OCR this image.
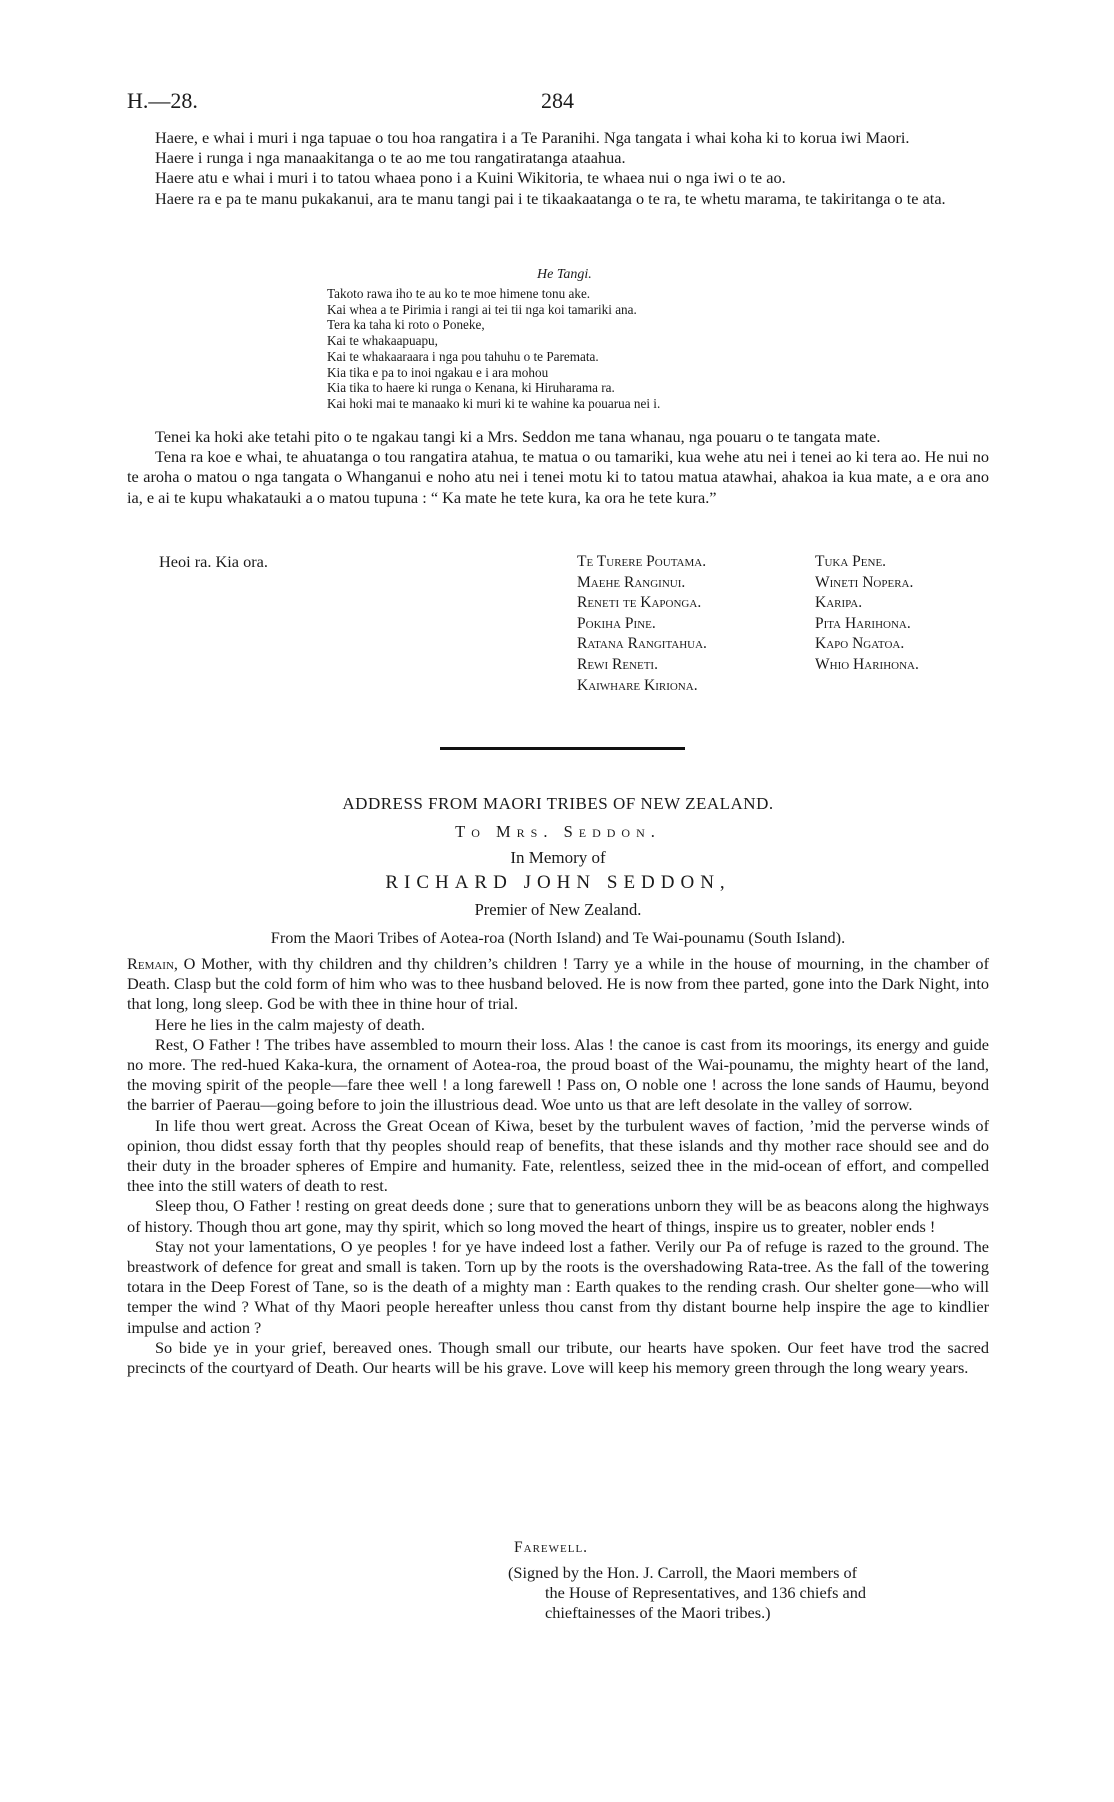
H.—28.	284

Haere, e whai i muri i nga tapuae o tou hoa rangatira i a Te Paranihi. Nga tangata i whai koha ki to korua iwi Maori.

Haere i runga i nga manaakitanga o te ao me tou rangatiratanga ataahua.

Haere atu e whai i muri i to tatou whaea pono i a Kuini Wikitoria, te whaea nui o nga iwi o te ao.

Haere ra e pa te manu pukakanui, ara te manu tangi pai i te tikaakaatanga o te ra, te whetu marama, te takiritanga o te ata.

He Tangi.
Takoto rawa iho te au ko te moe himene tonu ake.
Kai whea a te Pirimia i rangi ai tei tii nga koi tamariki ana.
Tera ka taha ki roto o Poneke,
Kai te whakaapuapu,
Kai te whakaaraara i nga pou tahuhu o te Paremata.
Kia tika e pa to inoi ngakau e i ara mohou
Kia tika to haere ki runga o Kenana, ki Hiruharama ra.
Kai hoki mai te manaako ki muri ki te wahine ka pouarua nei i.

Tenei ka hoki ake tetahi pito o te ngakau tangi ki a Mrs. Seddon me tana whanau, nga pouaru o te tangata mate.

Tena ra koe e whai, te ahuatanga o tou rangatira atahua, te matua o ou tamariki, kua wehe atu nei i tenei ao ki tera ao. He nui no te aroha o matou o nga tangata o Whanganui e noho atu nei i tenei motu ki to tatou matua atawhai, ahakoa ia kua mate, a e ora ano ia, e ai te kupu whakatauki a o matou tupuna : “ Ka mate he tete kura, ka ora he tete kura.”

Heoi ra. Kia ora.	Te Turere Poutama.
Maehe Ranginui.
Reneti te Kaponga.
Pokiha Pine.
Ratana Rangitahua.
Rewi Reneti.
Kaiwhare Kiriona.
Tuka Pene.
Wineti Nopera.
Karipa.
Pita Harihona.
Kapo Ngatoa.
Whio Harihona.
ADDRESS FROM MAORI TRIBES OF NEW ZEALAND.
To Mrs. Seddon.
In Memory of
RICHARD JOHN SEDDON,
Premier of New Zealand.
From the Maori Tribes of Aotea-roa (North Island) and Te Wai-pounamu (South Island).

Remain, O Mother, with thy children and thy children’s children ! Tarry ye a while in the house of mourning, in the chamber of Death. Clasp but the cold form of him who was to thee husband beloved. He is now from thee parted, gone into the Dark Night, into that long, long sleep. God be with thee in thine hour of trial.

Here he lies in the calm majesty of death.

Rest, O Father ! The tribes have assembled to mourn their loss. Alas ! the canoe is cast from its moorings, its energy and guide no more. The red-hued Kaka-kura, the ornament of Aotea-roa, the proud boast of the Wai-pounamu, the mighty heart of the land, the moving spirit of the people—fare thee well ! a long farewell ! Pass on, O noble one ! across the lone sands of Haumu, beyond the barrier of Paerau—going before to join the illustrious dead. Woe unto us that are left desolate in the valley of sorrow.

In life thou wert great. Across the Great Ocean of Kiwa, beset by the turbulent waves of faction, ’mid the perverse winds of opinion, thou didst essay forth that thy peoples should reap of benefits, that these islands and thy mother race should see and do their duty in the broader spheres of Empire and humanity. Fate, relentless, seized thee in the mid-ocean of effort, and compelled thee into the still waters of death to rest.

Sleep thou, O Father ! resting on great deeds done ; sure that to generations unborn they will be as beacons along the highways of history. Though thou art gone, may thy spirit, which so long moved the heart of things, inspire us to greater, nobler ends !

Stay not your lamentations, O ye peoples ! for ye have indeed lost a father. Verily our Pa of refuge is razed to the ground. The breastwork of defence for great and small is taken. Torn up by the roots is the overshadowing Rata-tree. As the fall of the towering totara in the Deep Forest of Tane, so is the death of a mighty man : Earth quakes to the rending crash. Our shelter gone—who will temper the wind ? What of thy Maori people hereafter unless thou canst from thy distant bourne help inspire the age to kindlier impulse and action ?

So bide ye in your grief, bereaved ones. Though small our tribute, our hearts have spoken. Our feet have trod the sacred precincts of the courtyard of Death. Our hearts will be his grave. Love will keep his memory green through the long weary years.

Farewell.
(Signed by the Hon. J. Carroll, the Maori members of
the House of Representatives, and 136 chiefs and
chieftainesses of the Maori tribes.)
